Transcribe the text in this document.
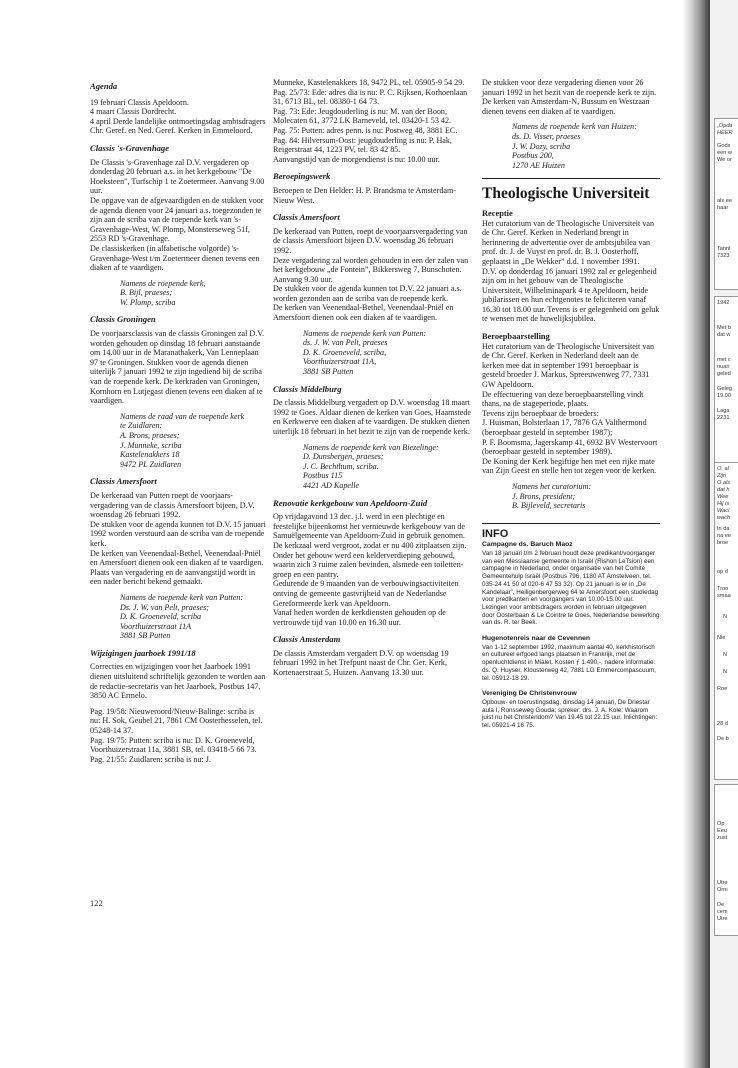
Agenda

19 februari Classis Apeldoorn.

4 maart Classis Dordrecht.

4 april Derde landelijke ontmoetingsdag ambtsdragers Chr. Geref. en Ned. Geref. Kerken in Emmeloord.

Classis 's-Gravenhage

De Classis 's-Gravenhage zal D.V. vergaderen op donderdag 20 februari a.s. in het kerkgebouw "De Hoeksteen", Turfschip 1 te Zoetermeer. Aanvang 9.00 uur.

De opgave van de afgevaardigden en de stukken voor de agenda dienen voor 24 januari a.s. toegezonden te zijn aan de scriba van de roepende kerk van 's-Gravenhage-West, W. Plomp, Monsterseweg 51f, 2553 RD 's-Gravenhage.

De classiskerken (in alfabetische volgorde) 's-Gravenhage-West t/m Zoetermeer dienen tevens een diaken af te vaardigen.

Namens de roepende kerk,
B. Bijl, praeses;
W. Plomp, scriba
Classis Groningen

De voorjaarsclassis van de classis Groningen zal D.V. worden gehouden op dinsdag 18 februari aanstaande om 14.00 uur in de Maranathakerk, Van Lenneplaan 97 te Groningen. Stukken voor de agenda dienen uiterlijk 7 januari 1992 te zijn ingediend bij de scriba van de roepende kerk. De kerkraden van Groningen, Kornhorn en Lutjegast dienen tevens een diaken af te vaardigen.

Namens de raad van de roepende kerk
te Zuidlaren:
A. Brons, praeses;
J. Munneke, scriba
Kastelenakkers 18
9472 PL Zuidlaren
Classis Amersfoort

De kerkeraad van Putten roept de voorjaarsvergadering van de classis Amersfoort bijeen, D.V. woensdag 26 februari 1992.

De stukken voor de agenda kunnen tot D.V. 15 januari 1992 worden verstuurd aan de scriba van de roepende kerk.

De kerken van Veenendaal-Bethel, Veenendaal-Pniël en Amersfoort dienen ook een diaken af te vaardigen.

Plaats van vergadering en de aanvangstijd wordt in een nader bericht bekend gemaakt.

Namens de roepende kerk van Putten:
Ds. J. W. van Pelt, praeses;
D. K. Groeneveld, scriba
Voorthuizerstraat 11A
3881 SB Putten
Wijzigingen jaarboek 1991/18

Correcties en wijzigingen voor het Jaarboek 1991 dienen uitsluitend schriftelijk gezonden te worden aan de redactie-secretaris van het Jaarboek, Postbus 147, 3850 AC Ermelo.

Pag. 19/58: Nieuweroord/Nieuw-Balinge: scriba is nu: H. Sok, Geubel 21, 7861 CM Oosterhesselen, tel. 05248-14 37.

Pag. 19/75: Putten: scriba is nu: D. K. Groeneveld, Voorthuizerstraat 11a, 3881 SB, tel. 03418-5 66 73.

Pag. 21/55: Zuidlaren: scriba is nu: J.

Munneke, Kastelenakkers 18, 9472 PL, tel. 05905-9 54 29.

Pag. 25/73: Ede: adres dia is nu: P. C. Rijksen, Korhoenlaan 31, 6713 BL, tel. 08380-1 64 73.

Pag. 73: Ede: Jeugdouderling is nu: M. van der Boon, Molecaten 61, 3772 LK Barneveld, tel. 03420-1 53 42.

Pag. 75: Putten: adres penn. is nu: Postweg 48, 3881 EC.

Pag. 84: Hilversum-Oost: jeugdouderling is nu: P. Hak, Reigerstraat 44, 1223 PV, tel. 83 42 85.

Aanvangstijd van de morgendienst is nu: 10.00 uur.

Beroepingswerk

Beroepen te Den Helder: H. P. Brandsma te Amsterdam-Nieuw West.

Classis Amersfoort

De kerkeraad van Putten, roept de voorjaarsvergadering van de classis Amersfoort bijeen D.V. woensdag 26 februari 1992.

Deze vergadering zal worden gehouden in een der zalen van het kerkgebouw „de Fontein”, Bikkersweg 7, Bunschoten. Aanvang 9.30 uur.

De stukken voor de agenda kunnen tot D.V. 22 januari a.s. worden gezonden aan de scriba van de roepende kerk.

De kerken van Veenendaal-Bethel, Veenendaal-Pniël en Amersfoort dienen ook een diaken af te vaardigen.

Namens de roepende kerk van Putten:
ds. J. W. van Pelt, praeses
D. K. Groeneveld, scriba,
Voorthuizerstraat 11A,
3881 SB Putten
Classis Middelburg

De classis Middelburg vergadert op D.V. woensdag 18 maart 1992 te Goes. Aldaar dienen de kerken van Goes, Haamstede en Kerkwerve een diaken af te vaardigen. De stukken dienen uiterlijk 18 februari in het bezit te zijn van de roepende kerk.

Namens de roepende kerk van Biezelinge:
D. Dunsbergen, praeses;
J. C. Bechthum, scriba.
Postbus 115
4421 AD Kapelle
Renovatie kerkgebouw van Apeldoorn-Zuid

Op vrijdagavond 13 dec. j.l. werd in een plechtige en feestelijke bijeenkomst het vernieuwde kerkgebouw van de Samuëlgemeente van Apeldoorn-Zuid in gebruik genomen. De kerkzaal werd vergroot, zodat er nu 400 zitplaatsen zijn. Onder het gebouw werd een kelderverdieping gebouwd, waarin zich 3 ruime zalen bevinden, alsmede een toilettengroep en een pantry.

Gedurende de 9 maanden van de verbouwingsactiviteiten ontving de gemeente gastvrijheid van de Nederlandse Gereformeerde kerk van Apeldoorn.

Vanaf heden worden de kerkdiensten gehouden op de vertrouwde tijd van 10.00 en 16.30 uur.

Classis Amsterdam

De classis Amsterdam vergadert D.V. op woensdag 19 februari 1992 in het Trefpunt naast de Chr. Ger. Kerk, Kortenaerstraat 5, Huizen. Aanvang 13.30 uur.

De stukken voor deze vergadering dienen voor 26 januari 1992 in het bezit van de roepende kerk te zijn.

De kerken van Amsterdam-N, Bussum en Westzaan dienen tevens een diaken af te vaardigen.

Namens de roepende kerk van Huizen:
ds. D. Visser, praeses
J. W. Dozy, scriba
Postbus 200,
1270 AE Huizen
Theologische Universiteit
Receptie

Het curatorium van de Theologische Universiteit van de Chr. Geref. Kerken in Nederland brengt in herinnering de advertentie over de ambtsjubilea van prof. dr. J. de Vuyst en prof. dr. B. J. Oosterhoff, geplaatst in „De Wekker” d.d. 1 november 1991.

D.V. op donderdag 16 januari 1992 zal er gelegenheid zijn om in het gebouw van de Theologische Universiteit, Wilhelminapark 4 te Apeldoorn, beide jubilarissen en hun echtgenotes te feliciteren vanaf 16.30 tot 18.00 uur. Tevens is er gelegenheid om geluk te wensen met de huwelijksjubilea.

Beroepbaarstelling

Het curatorium van de Theologische Universiteit van de Chr. Geref. Kerken in Nederland deelt aan de kerken mee dat in september 1991 beroepbaar is gesteld broeder J. Markus, Spreeuwenweg 77, 7331 GW Apeldoorn.

De effectuering van deze beroepbaarstelling vindt thans, na de stageperiode, plaats.

Tevens zijn beroepbaar de broeders:

J. Huisman, Bolsterlaan 17, 7876 GA Valthermond (beroepbaar gesteld in september 1987);

P. F. Boomsma, Jagerskamp 41, 6932 BV Westervoort (beroepbaar gesteld in september 1989).

De Koning der Kerk begiftige hen met een rijke mate van Zijn Geest en stelle hen tot zegen voor de kerken.

Namens het curatorium:
J. Brons, president;
B. Bijleveld, secretaris
INFO
Campagne ds. Baruch Maoz

Van 18 januari t/m 2 februari houdt deze predikant/voorganger van een Messiaanse gemeente in Israël (Rishon LeTsion) een campagne in Nederland, onder organisatie van het Comité Gemeentehulp Israël (Postbus 796, 1180 AT Amstelveen, tel. 035-24 41 50 of 020-6 47 53 32). Op 21 januari is er in „De Kandelaar”, Heiligenbergerweg 64 te Amersfoort een studiedag voor predikanten en voorgangers van 10.00-15.00 uur. Lezingen voor ambtsdragers worden in februari uitgegeven door Oosterbaan & Le Cointre te Goes, Nederlandse bewerking van ds. R. ter Beek.

Hugenotenreis naar de Cevennen

Van 1-12 september 1992, maximum aantal 40, kerkhistorisch en cultureel erfgoed langs plaatsen in Frankrijk, met de openluchtdienst in Mialet. Kosten ƒ 1.490,-, nadere informatie: ds. Q. Huyser, Kloosterweg 42, 7881 LG Emmercompascuum, tel. 05912-18 29.

Vereniging De Christenvrouw

Opbouw- en toerustingsdag, dinsdag 14 januari, De Driestar aula I, Ronsseweg Gouda; spreker: drs. J. A. Kole: Waarom juist nu het Christendom? Van 19.45 tot 22.15 uur. Inlichtingen: tel. 05921-4 16 75.

122
„Opda
HEER
Gods
een w
We or
als ee
haar
Tannl
7323
1942
Met b
dat w
met c
nuari
geled
Geleg
19.00
Laga
2231
O, al
Zijn
O als
dat h
Wee
Hij is
Wacl
wach
In da
na ee
broe
op d
Troo
smaa
N
Nie
N
N
Roe
28 d
De b
Op
Eeu
zust
Utre
Orni
De
cem
Utre
